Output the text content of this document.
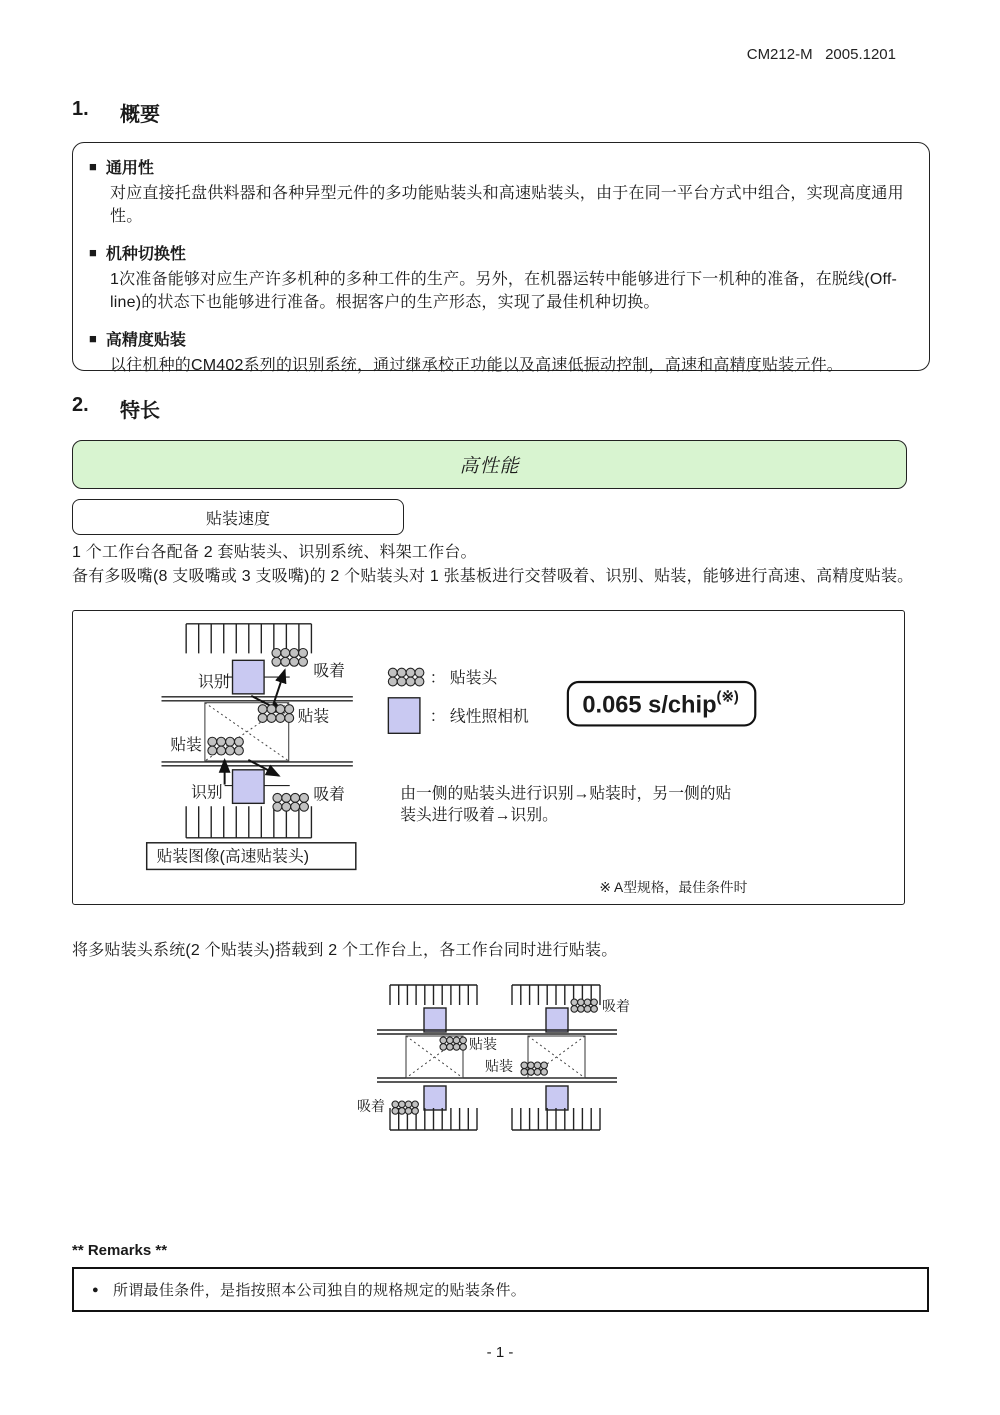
CM212-M   2005.1201
1.	概要
■ 通用性
对应直接托盘供料器和各种异型元件的多功能贴装头和高速贴装头，由于在同一平台方式中组合，实现高度通用性。
■ 机种切换性
1次准备能够对应生产许多机种的多种工件的生产。另外，在机器运转中能够进行下一机种的准备，在脱线(Off-line)的状态下也能够进行准备。根据客户的生产形态，实现了最佳机种切换。
■ 高精度贴装
以往机种的CM402系列的识别系统，通过继承校正功能以及高速低振动控制，高速和高精度贴装元件。
2.	特长
高性能
贴装速度
1 个工作台各配备 2 套贴装头、识别系统、料架工作台。
备有多吸嘴(8 支吸嘴或 3 支吸嘴)的 2 个贴装头对 1 张基板进行交替吸着、识别、贴装，能够进行高速、高精度贴装。
识别
吸着
贴装
贴装
识别	吸着
贴装图像(高速贴装头)
： 贴装头
： 线性照相机 0.065 s/chip(※)
由一侧的贴装头进行识别→贴装时，另一侧的贴
装头进行吸着→识别。
※ A型规格，最佳条件时
将多贴装头系统(2 个贴装头)搭载到 2 个工作台上，各工作台同时进行贴装。
吸着
贴装
贴装
吸着
** Remarks **
● 所谓最佳条件，是指按照本公司独自的规格规定的贴装条件。
- 1 -
